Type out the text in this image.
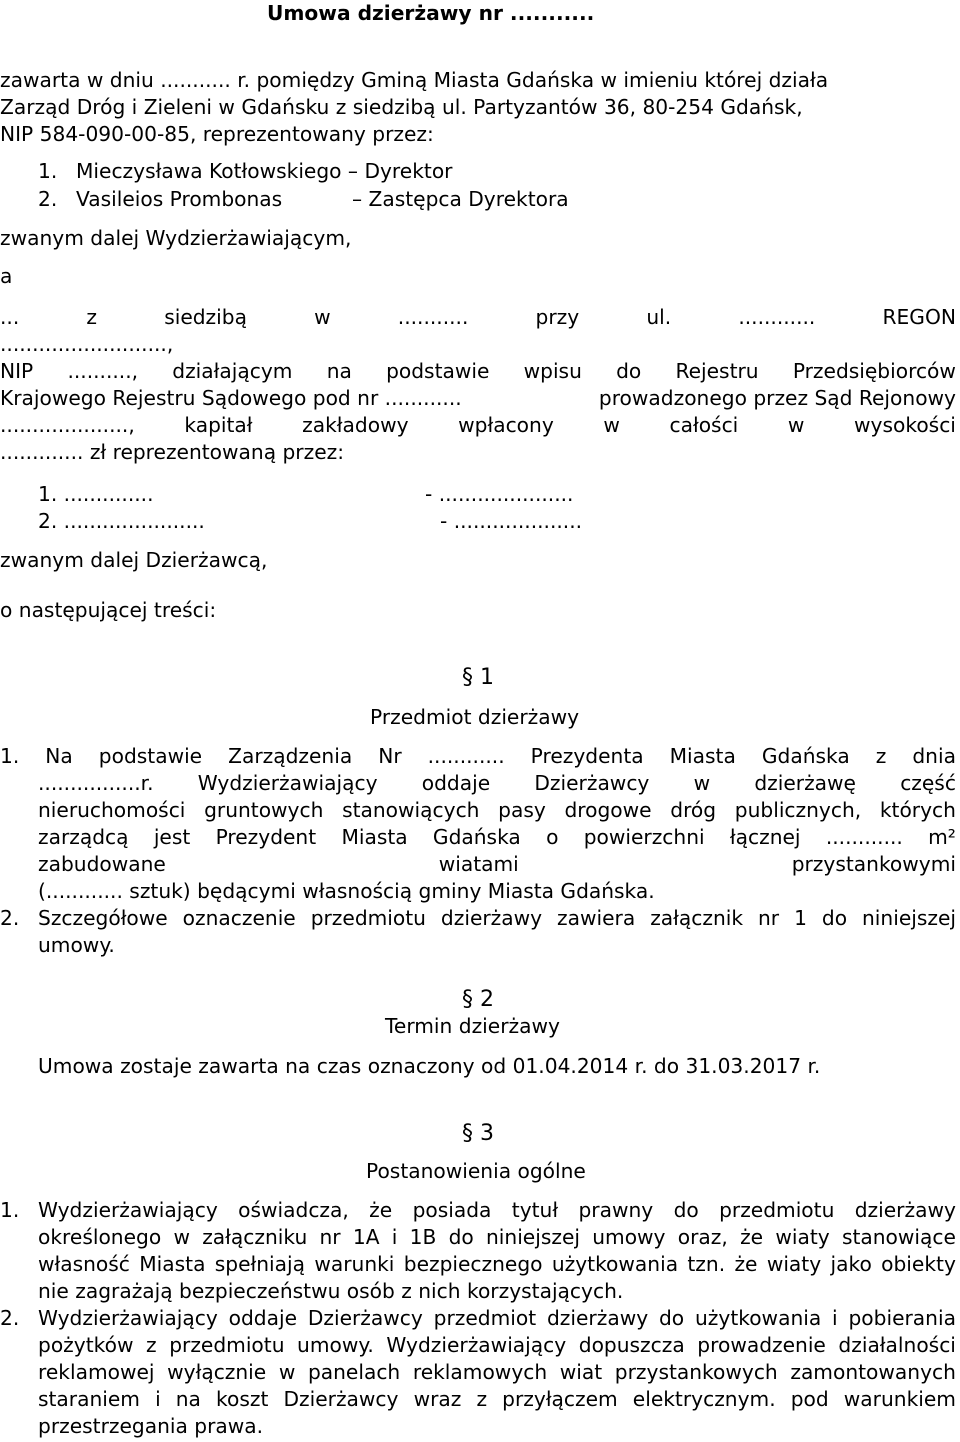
Umowa dzierżawy nr ...........
zawarta w dniu ........... r. pomiędzy Gminą Miasta Gdańska w imieniu której działa
Zarząd Dróg i Zieleni w Gdańsku z siedzibą ul. Partyzantów 36, 80-254 Gdańsk,
NIP 584-090-00-85, reprezentowany przez:
1. Mieczysława Kotłowskiego – Dyrektor
2. Vasileios Prombonas	– Zastępca Dyrektora
zwanym dalej Wydzierżawiającym,
a
...	z	siedzibą	w	...........	przy	ul.	............	REGON
..........................,
NIP .........., działającym na podstawie wpisu do Rejestru Przedsiębiorców
Krajowego Rejestru Sądowego pod nr ............	prowadzonego przez Sąd Rejonowy
...................., kapitał zakładowy wpłacony w całości w wysokości
............. zł reprezentowaną przez:
1. ..............	- .....................
2. ......................	- ....................
zwanym dalej Dzierżawcą,
o następującej treści:
§ 1
Przedmiot dzierżawy
1. Na podstawie Zarządzenia Nr ............ Prezydenta Miasta Gdańska z dnia
................r. Wydzierżawiający oddaje Dzierżawcy w dzierżawę część
nieruchomości gruntowych stanowiących pasy drogowe dróg publicznych, których
zarządcą jest Prezydent Miasta Gdańska o powierzchni łącznej ............ m²
zabudowane	wiatami	przystankowymi
(............ sztuk) będącymi własnością gminy Miasta Gdańska.
2. Szczegółowe oznaczenie przedmiotu dzierżawy zawiera załącznik nr 1 do niniejszej
umowy.
§ 2
Termin dzierżawy
Umowa zostaje zawarta na czas oznaczony od 01.04.2014 r. do 31.03.2017 r.
§ 3
Postanowienia ogólne
1. Wydzierżawiający oświadcza, że posiada tytuł prawny do przedmiotu dzierżawy
określonego w załączniku nr 1A i 1B do niniejszej umowy oraz, że wiaty stanowiące
własność Miasta spełniają warunki bezpiecznego użytkowania tzn. że wiaty jako obiekty
nie zagrażają bezpieczeństwu osób z nich korzystających.
2. Wydzierżawiający oddaje Dzierżawcy przedmiot dzierżawy do użytkowania i pobierania
pożytków z przedmiotu umowy. Wydzierżawiający dopuszcza prowadzenie działalności
reklamowej wyłącznie w panelach reklamowych wiat przystankowych zamontowanych
staraniem i na koszt Dzierżawcy wraz z przyłączem elektrycznym. pod warunkiem
przestrzegania prawa.
